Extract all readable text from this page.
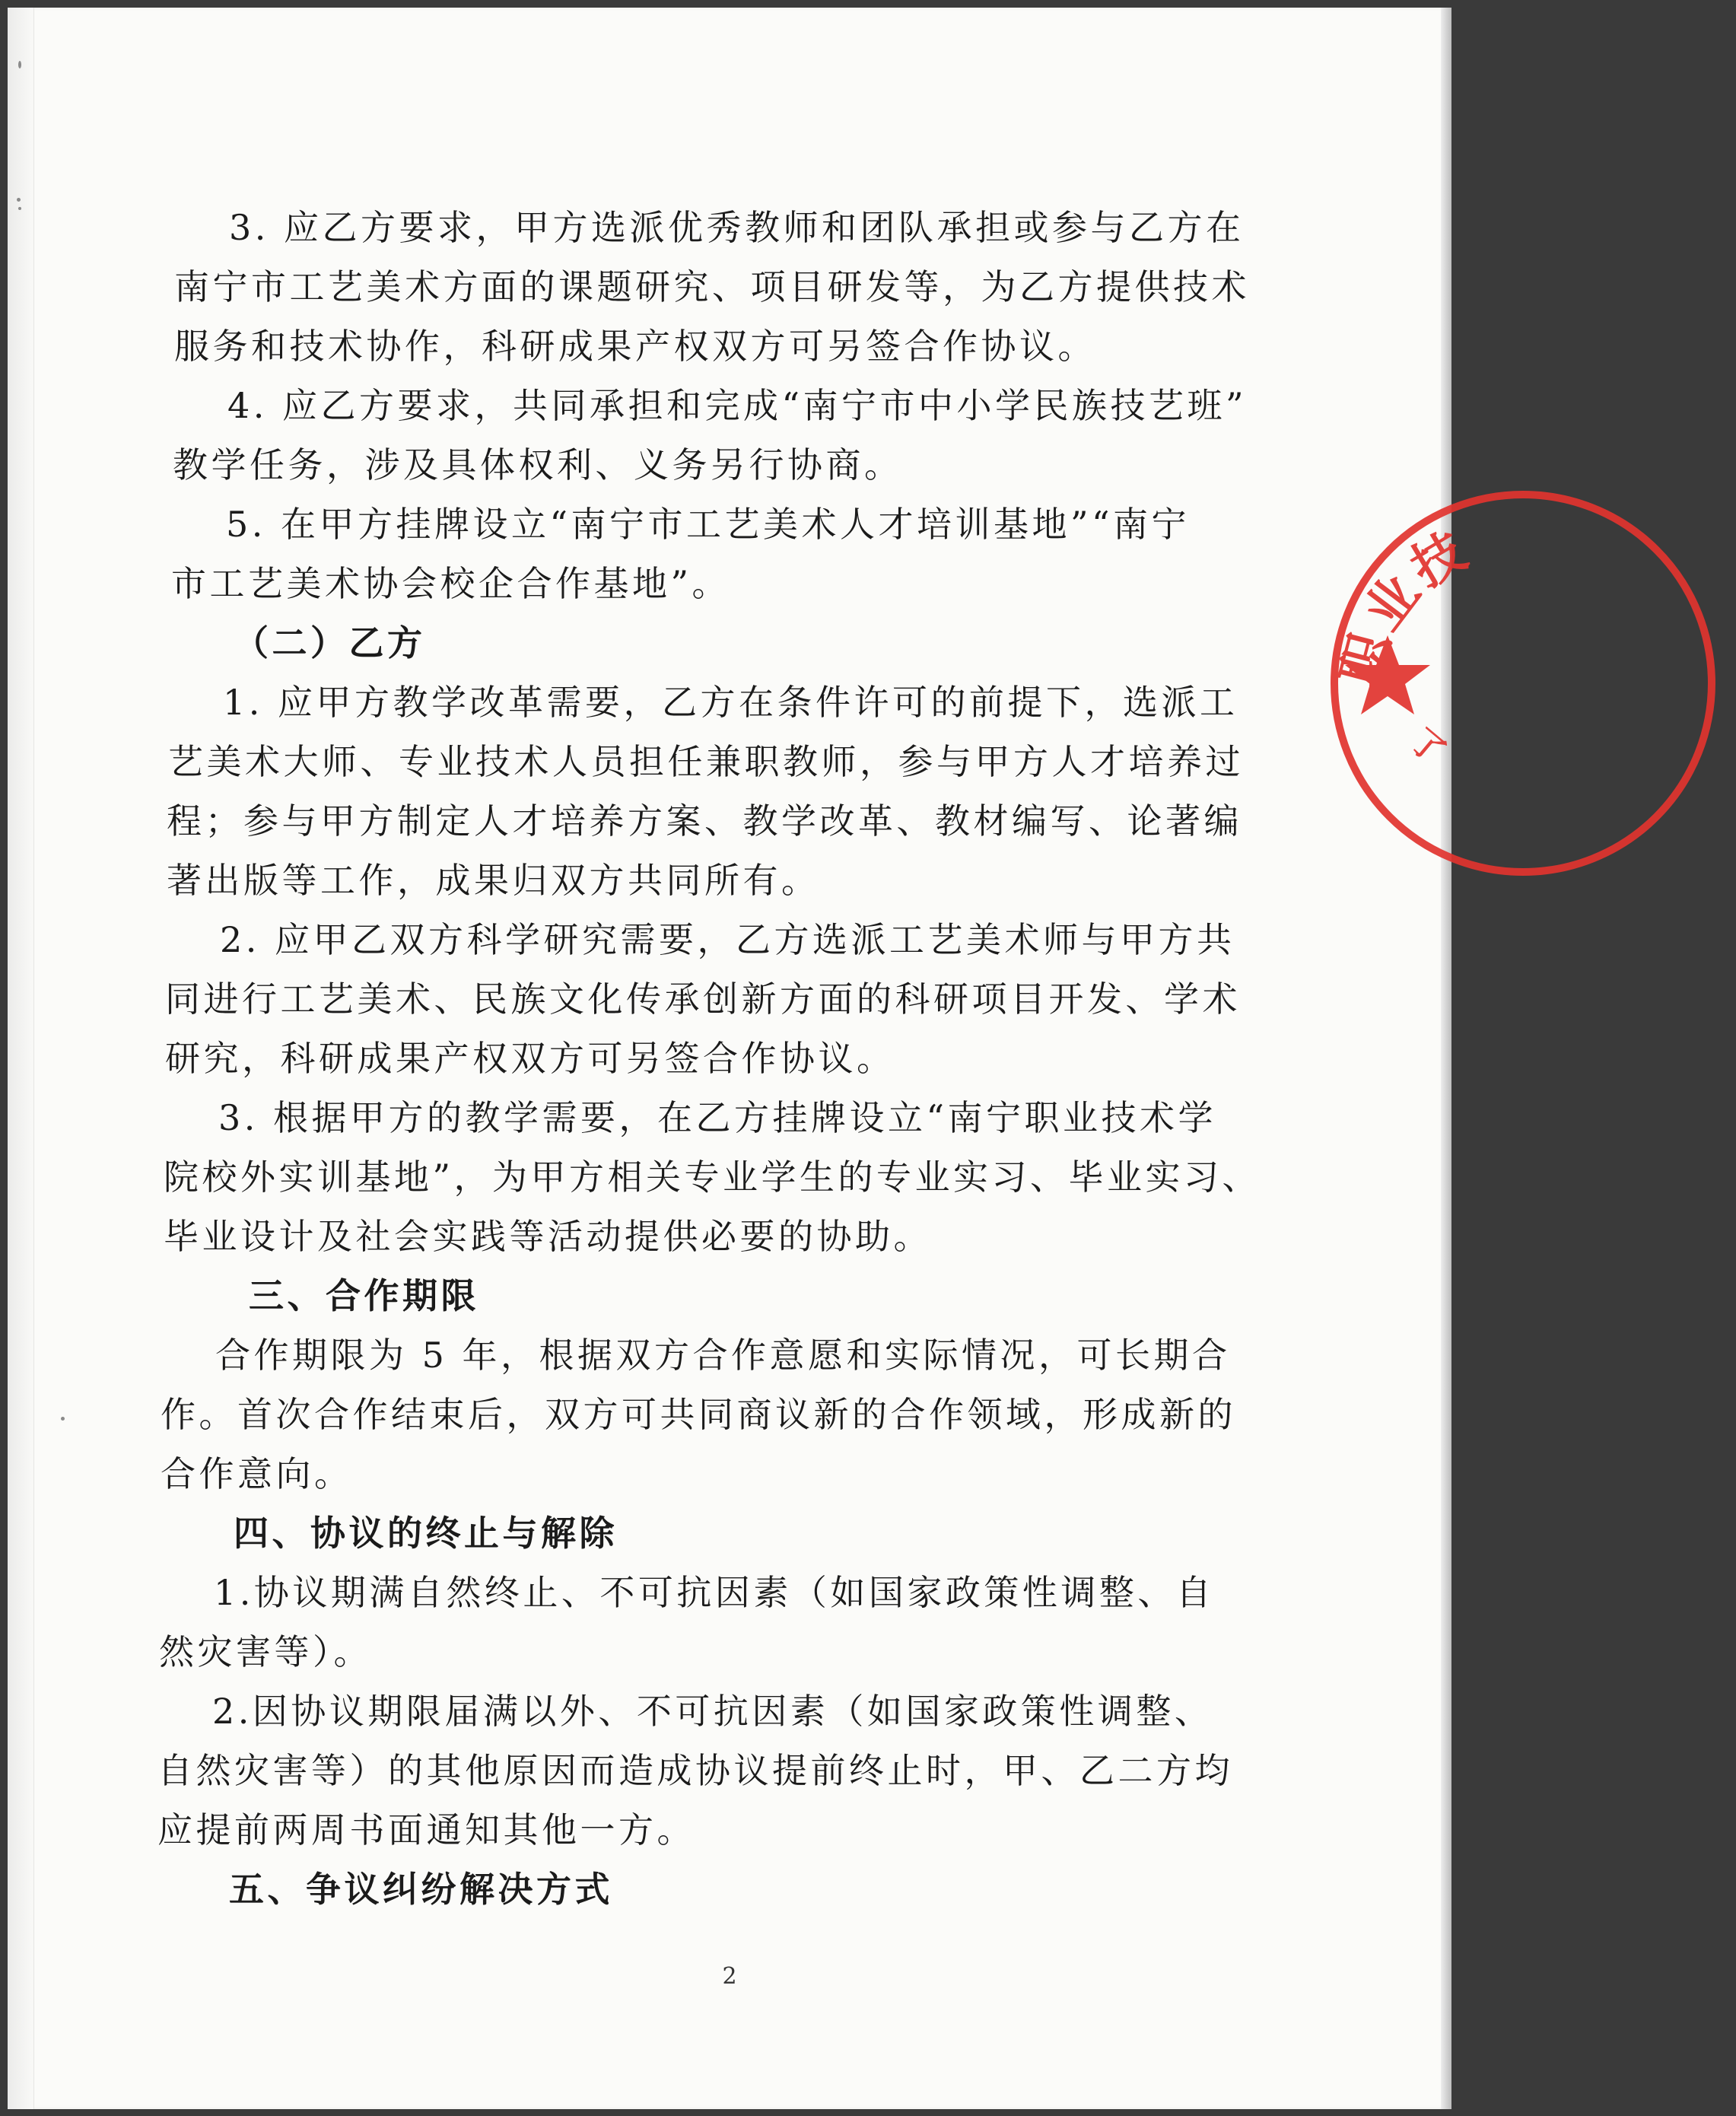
3. 应乙方要求，甲方选派优秀教师和团队承担或参与乙方在
南宁市工艺美术方面的课题研究、项目研发等，为乙方提供技术
服务和技术协作，科研成果产权双方可另签合作协议。
4. 应乙方要求，共同承担和完成“南宁市中小学民族技艺班”
教学任务，涉及具体权利、义务另行协商。
5. 在甲方挂牌设立“南宁市工艺美术人才培训基地”“南宁
市工艺美术协会校企合作基地”。
（二）乙方
1. 应甲方教学改革需要，乙方在条件许可的前提下，选派工
艺美术大师、专业技术人员担任兼职教师，参与甲方人才培养过
程；参与甲方制定人才培养方案、教学改革、教材编写、论著编
著出版等工作，成果归双方共同所有。
2. 应甲乙双方科学研究需要，乙方选派工艺美术师与甲方共
同进行工艺美术、民族文化传承创新方面的科研项目开发、学术
研究，科研成果产权双方可另签合作协议。
3. 根据甲方的教学需要，在乙方挂牌设立“南宁职业技术学
院校外实训基地”，为甲方相关专业学生的专业实习、毕业实习、
毕业设计及社会实践等活动提供必要的协助。
三、合作期限
合作期限为 5 年，根据双方合作意愿和实际情况，可长期合
作。首次合作结束后，双方可共同商议新的合作领域，形成新的
合作意向。
四、协议的终止与解除
1.协议期满自然终止、不可抗因素（如国家政策性调整、自
然灾害等）。
2.因协议期限届满以外、不可抗因素（如国家政策性调整、
自然灾害等）的其他原因而造成协议提前终止时，甲、乙二方均
应提前两周书面通知其他一方。
五、争议纠纷解决方式
2
职业技
了
